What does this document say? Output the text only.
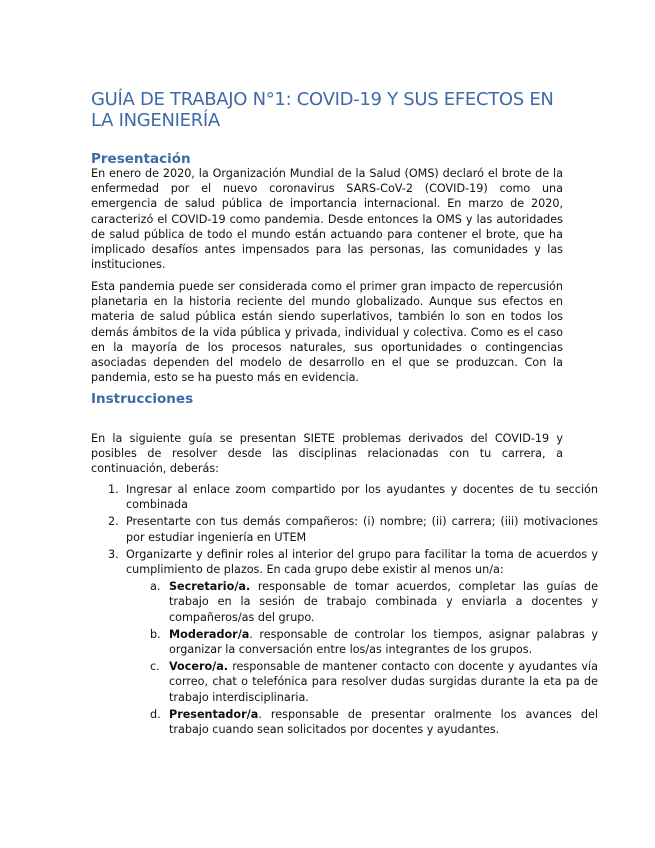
GUÍA DE TRABAJO N°1: COVID-19 Y SUS EFECTOS EN LA INGENIERÍA
Presentación

En enero de 2020, la Organización Mundial de la Salud (OMS) declaró el brote de la enfermedad por el nuevo coronavirus SARS-CoV-2 (COVID-19) como una emergencia de salud pública de importancia internacional. En marzo de 2020, caracterizó el COVID-19 como pandemia. Desde entonces la OMS y las autoridades de salud pública de todo el mundo están actuando para contener el brote, que ha implicado desafíos antes impensados para las personas, las comunidades y las instituciones.

Esta pandemia puede ser considerada como el primer gran impacto de repercusión planetaria en la historia reciente del mundo globalizado. Aunque sus efectos en materia de salud pública están siendo superlativos, también lo son en todos los demás ámbitos de la vida pública y privada, individual y colectiva. Como es el caso en la mayoría de los procesos naturales, sus oportunidades o contingencias asociadas dependen del modelo de desarrollo en el que se produzcan. Con la pandemia, esto se ha puesto más en evidencia.

Instrucciones

En la siguiente guía se presentan SIETE problemas derivados del COVID-19 y posibles de resolver desde las disciplinas relacionadas con tu carrera, a continuación, deberás:

1. Ingresar al enlace zoom compartido por los ayudantes y docentes de tu sección combinada
2. Presentarte con tus demás compañeros: (i) nombre; (ii) carrera; (iii) motivaciones por estudiar ingeniería en UTEM
3. Organizarte y definir roles al interior del grupo para facilitar la toma de acuerdos y cumplimiento de plazos. En cada grupo debe existir al menos un/a:
a. Secretario/a. responsable de tomar acuerdos, completar las guías de trabajo en la sesión de trabajo combinada y enviarla a docentes y compañeros/as del grupo.
b. Moderador/a. responsable de controlar los tiempos, asignar palabras y organizar la conversación entre los/as integrantes de los grupos.
c. Vocero/a. responsable de mantener contacto con docente y ayudantes vía correo, chat o telefónica para resolver dudas surgidas durante la eta pa de trabajo interdisciplinaria.
d. Presentador/a. responsable de presentar oralmente los avances del trabajo cuando sean solicitados por docentes y ayudantes.
